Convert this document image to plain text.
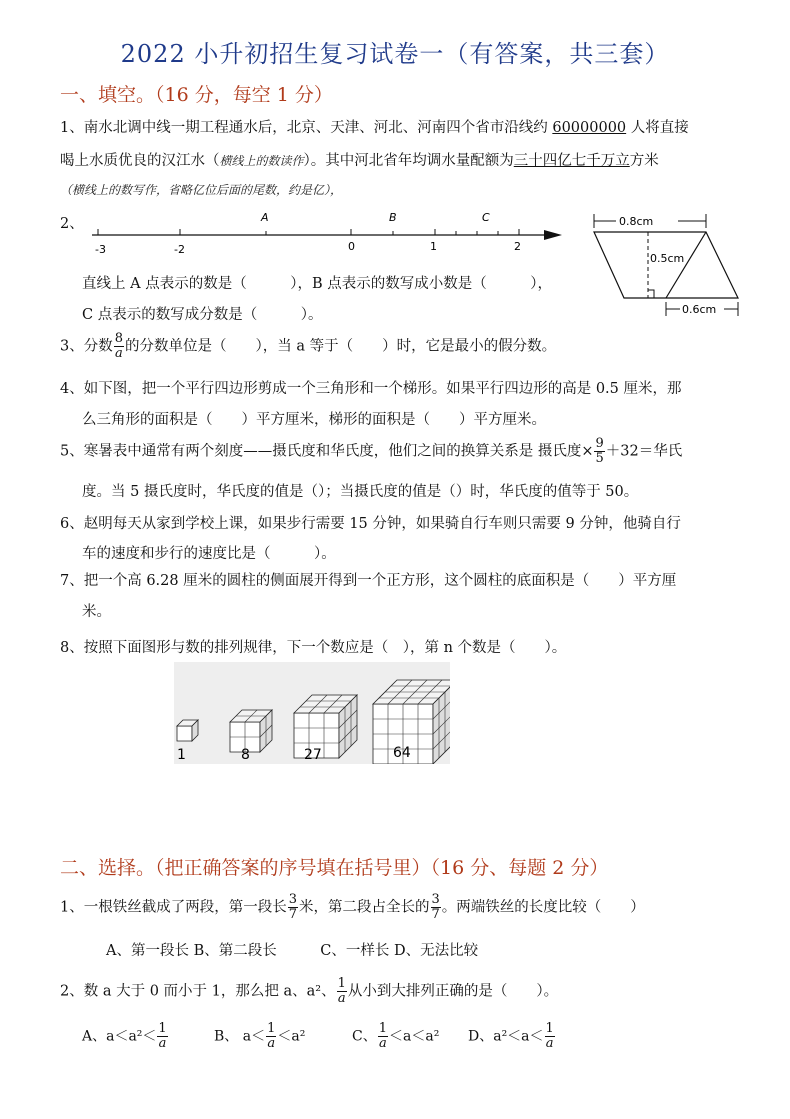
2022 小升初招生复习试卷一（有答案，共三套）
一、填空。（16 分，每空 1 分）
1、南水北调中线一期工程通水后，北京、天津、河北、河南四个省市沿线约 60000000 人将直接
喝上水质优良的汉江水（横线上的数读作）。其中河北省年均调水量配额为三十四亿七千万立方米
（横线上的数写作，省略亿位后面的尾数，约是亿），
2、
-3	-2	0	1	2
A	B	C	0.8cm
0.5cm
0.6cm
直线上 A 点表示的数是（　　　），B 点表示的数写成小数是（　　　），
C 点表示的数写成分数是（　　　）。
3、分数 $\frac{8}{a}$ 的分数单位是（　　），当 a 等于（　　）时，它是最小的假分数。
4、如下图，把一个平行四边形剪成一个三角形和一个梯形。如果平行四边形的高是 0.5 厘米，那
么三角形的面积是（　　）平方厘米，梯形的面积是（　　）平方厘米。
5、寒暑表中通常有两个刻度——摄氏度和华氏度，他们之间的换算关系是 摄氏度× $\frac{9}{5} +32=$华氏
度。当 5 摄氏度时，华氏度的值是（）；当摄氏度的值是（）时，华氏度的值等于 50。
6、赵明每天从家到学校上课，如果步行需要 15 分钟，如果骑自行车则只需要 9 分钟，他骑自行
车的速度和步行的速度比是（　　　）。
7、把一个高 6.28 厘米的圆柱的侧面展开得到一个正方形，这个圆柱的底面积是（　　）平方厘
米。
8、按照下面图形与数的排列规律，下一个数应是（　），第 n 个数是（　　）。
1	8	27	64
二、选择。（把正确答案的序号填在括号里）（16 分、每题 2 分）
1、一根铁丝截成了两段，第一段长 $\frac{3}{7}$ 米，第二段占全长的 $\frac{3}{7}$ 。两端铁丝的长度比较（　　）
A、第一段长 B、第二段长　　　C、一样长 D、无法比较
2、数 a 大于 0 而小于 1，那么把 a、a²、 $\frac{1}{a}$ 从小到大排列正确的是（　　）。
A、$a<a^2< \frac{1}{a}$	B、 $a< \frac{1}{a} <a^2$	C、 $\frac{1}{a} <a<a^2$ D、$a^2<a< \frac{1}{a}$
